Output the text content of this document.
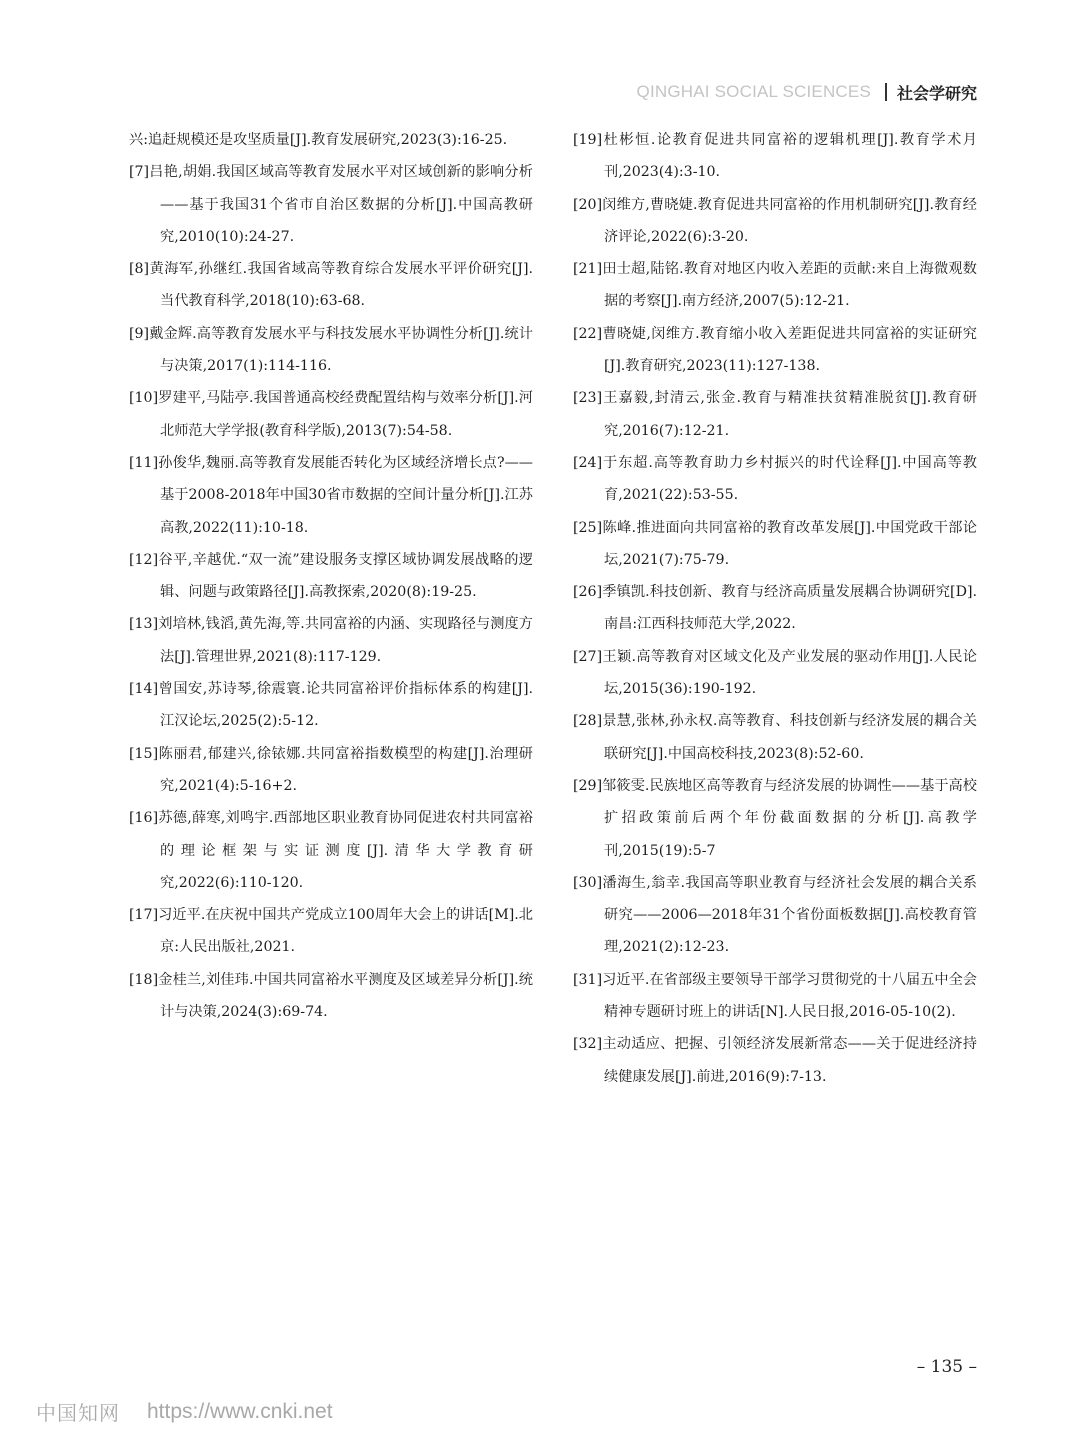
QINGHAI SOCIAL SCIENCES 社会学研究

兴:追赶规模还是攻坚质量[J].教育发展研究,2023(3):16-25.

[7]吕艳,胡娟.我国区域高等教育发展水平对区域创新的影响分析——基于我国31个省市自治区数据的分析[J].中国高教研究,2010(10):24-27.

[8]黄海军,孙继红.我国省域高等教育综合发展水平评价研究[J].当代教育科学,2018(10):63-68.

[9]戴金辉.高等教育发展水平与科技发展水平协调性分析[J].统计与决策,2017(1):114-116.

[10]罗建平,马陆亭.我国普通高校经费配置结构与效率分析[J].河北师范大学学报(教育科学版),2013(7):54-58.

[11]孙俊华,魏丽.高等教育发展能否转化为区域经济增长点?——基于2008-2018年中国30省市数据的空间计量分析[J].江苏高教,2022(11):10-18.

[12]谷平,辛越优.“双一流”建设服务支撑区域协调发展战略的逻辑、问题与政策路径[J].高教探索,2020(8):19-25.

[13]刘培林,钱滔,黄先海,等.共同富裕的内涵、实现路径与测度方法[J].管理世界,2021(8):117-129.

[14]曾国安,苏诗琴,徐震寰.论共同富裕评价指标体系的构建[J].江汉论坛,2025(2):5-12.

[15]陈丽君,郁建兴,徐铱娜.共同富裕指数模型的构建[J].治理研究,2021(4):5-16+2.

[16]苏德,薛寒,刘鸣宇.西部地区职业教育协同促进农村共同富裕的理论框架与实证测度[J].清华大学教育研究,2022(6):110-120.

[17]习近平.在庆祝中国共产党成立100周年大会上的讲话[M].北京:人民出版社,2021.

[18]金桂兰,刘佳玮.中国共同富裕水平测度及区域差异分析[J].统计与决策,2024(3):69-74.

[19]杜彬恒.论教育促进共同富裕的逻辑机理[J].教育学术月刊,2023(4):3-10.

[20]闵维方,曹晓婕.教育促进共同富裕的作用机制研究[J].教育经济评论,2022(6):3-20.

[21]田士超,陆铭.教育对地区内收入差距的贡献:来自上海微观数据的考察[J].南方经济,2007(5):12-21.

[22]曹晓婕,闵维方.教育缩小收入差距促进共同富裕的实证研究[J].教育研究,2023(11):127-138.

[23]王嘉毅,封清云,张金.教育与精准扶贫精准脱贫[J].教育研究,2016(7):12-21.

[24]于东超.高等教育助力乡村振兴的时代诠释[J].中国高等教育,2021(22):53-55.

[25]陈峰.推进面向共同富裕的教育改革发展[J].中国党政干部论坛,2021(7):75-79.

[26]季镇凯.科技创新、教育与经济高质量发展耦合协调研究[D].南昌:江西科技师范大学,2022.

[27]王颖.高等教育对区域文化及产业发展的驱动作用[J].人民论坛,2015(36):190-192.

[28]景慧,张林,孙永权.高等教育、科技创新与经济发展的耦合关联研究[J].中国高校科技,2023(8):52-60.

[29]邹筱雯.民族地区高等教育与经济发展的协调性——基于高校扩招政策前后两个年份截面数据的分析[J].高教学刊,2015(19):5-7

[30]潘海生,翁幸.我国高等职业教育与经济社会发展的耦合关系研究——2006—2018年31个省份面板数据[J].高校教育管理,2021(2):12-23.

[31]习近平.在省部级主要领导干部学习贯彻党的十八届五中全会精神专题研讨班上的讲话[N].人民日报,2016-05-10(2).

[32]主动适应、把握、引领经济发展新常态——关于促进经济持续健康发展[J].前进,2016(9):7-13.

– 135 –
中国知网 https://www.cnki.net
